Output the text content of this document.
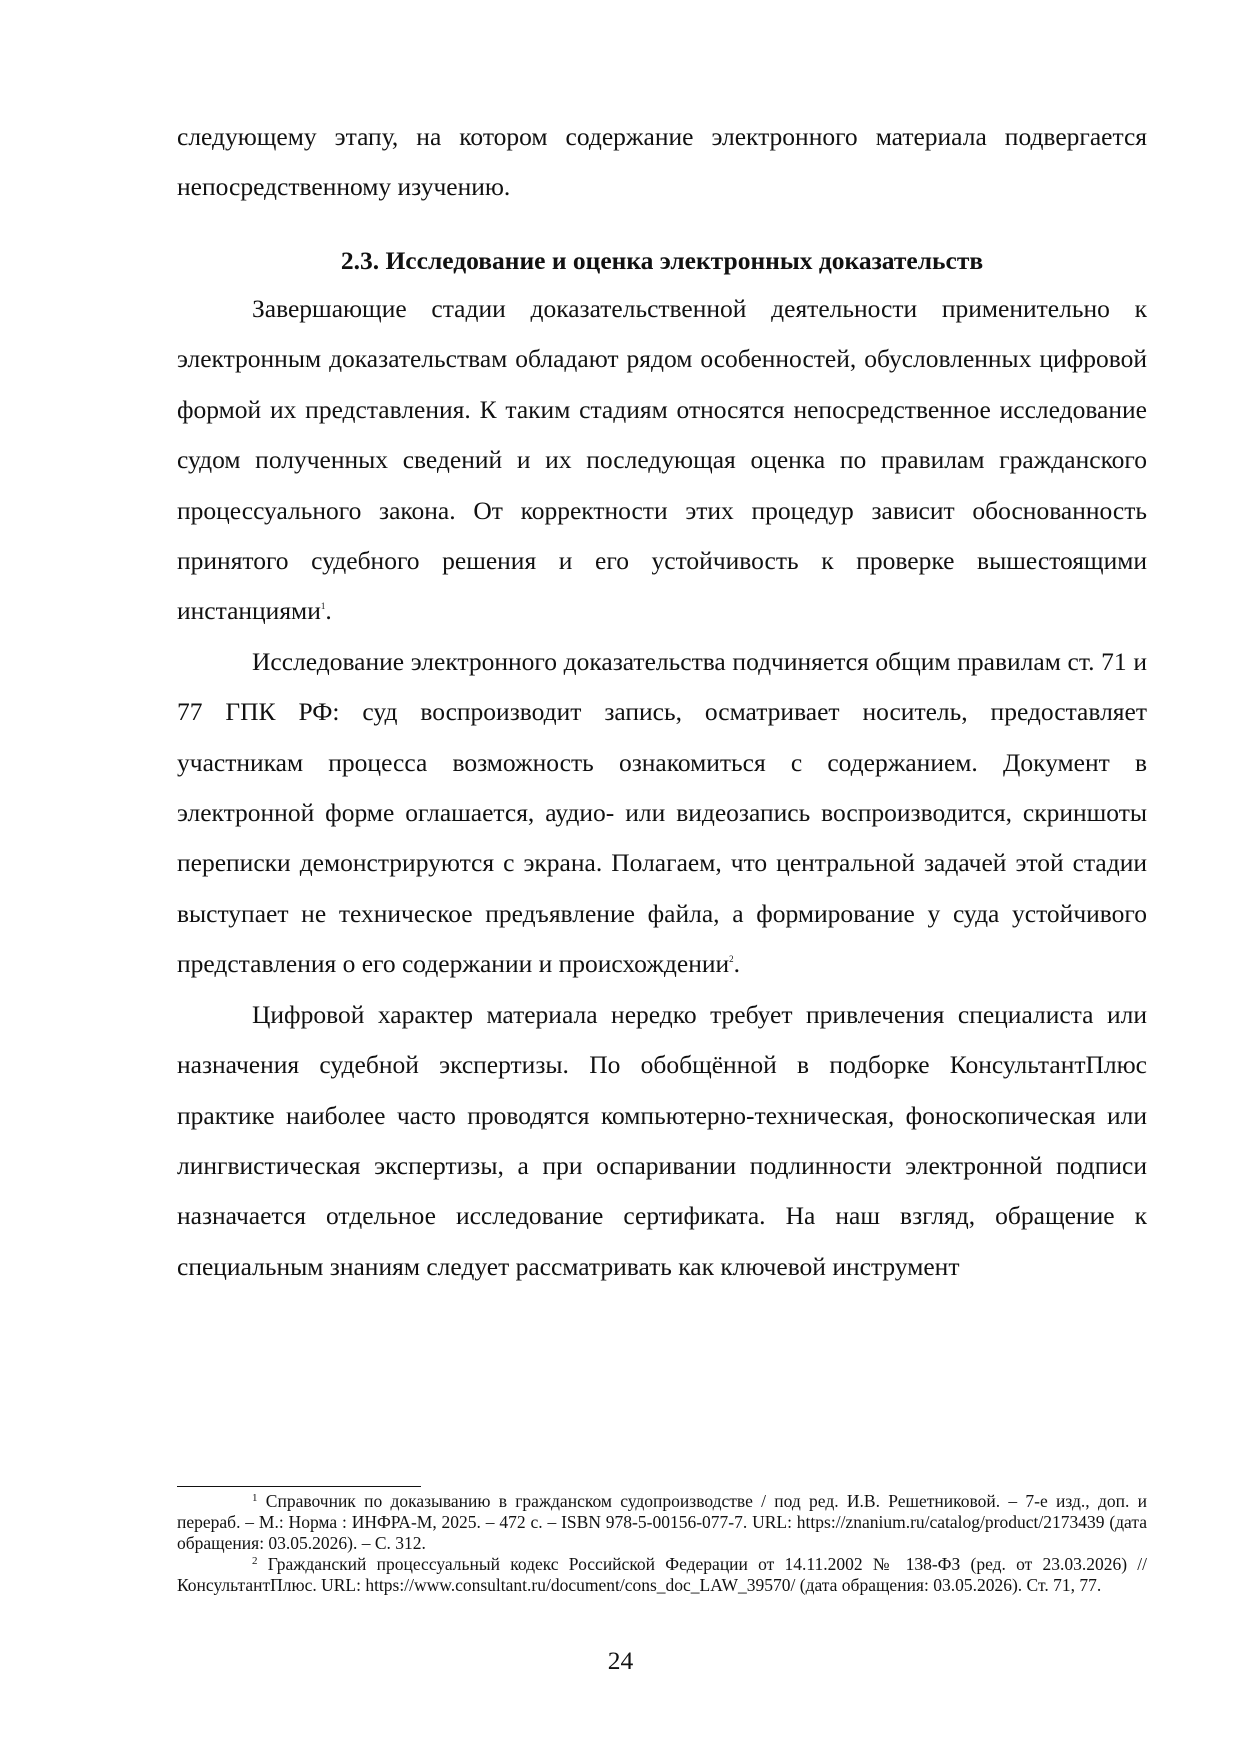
следующему этапу, на котором содержание электронного материала подвергается непосредственному изучению.

2.3. Исследование и оценка электронных доказательств

Завершающие стадии доказательственной деятельности применительно к электронным доказательствам обладают рядом особенностей, обусловленных цифровой формой их представления. К таким стадиям относятся непосредственное исследование судом полученных сведений и их последующая оценка по правилам гражданского процессуального закона. От корректности этих процедур зависит обоснованность принятого судебного решения и его устойчивость к проверке вышестоящими инстанциями$^1$.

Исследование электронного доказательства подчиняется общим правилам ст. 71 и 77 ГПК РФ: суд воспроизводит запись, осматривает носитель, предоставляет участникам процесса возможность ознакомиться с содержанием. Документ в электронной форме оглашается, аудио- или видеозапись воспроизводится, скриншоты переписки демонстрируются с экрана. Полагаем, что центральной задачей этой стадии выступает не техническое предъявление файла, а формирование у суда устойчивого представления о его содержании и происхождении$^2$.

Цифровой характер материала нередко требует привлечения специалиста или назначения судебной экспертизы. По обобщённой в подборке КонсультантПлюс практике наиболее часто проводятся компьютерно-техническая, фоноскопическая или лингвистическая экспертизы, а при оспаривании подлинности электронной подписи назначается отдельное исследование сертификата. На наш взгляд, обращение к специальным знаниям следует рассматривать как ключевой инструмент

$^1$ Справочник по доказыванию в гражданском судопроизводстве / под ред. И.В. Решетниковой. – 7-е изд., доп. и перераб. – М.: Норма : ИНФРА-М, 2025. – 472 с. – ISBN 978-5-00156-077-7. URL: https://znanium.ru/catalog/product/2173439 (дата обращения: 03.05.2026). – С. 312.

$^2$ Гражданский процессуальный кодекс Российской Федерации от 14.11.2002 № 138-ФЗ (ред. от 23.03.2026) // КонсультантПлюс. URL: https://www.consultant.ru/document/cons_doc_LAW_39570/ (дата обращения: 03.05.2026). Ст. 71, 77.

24
